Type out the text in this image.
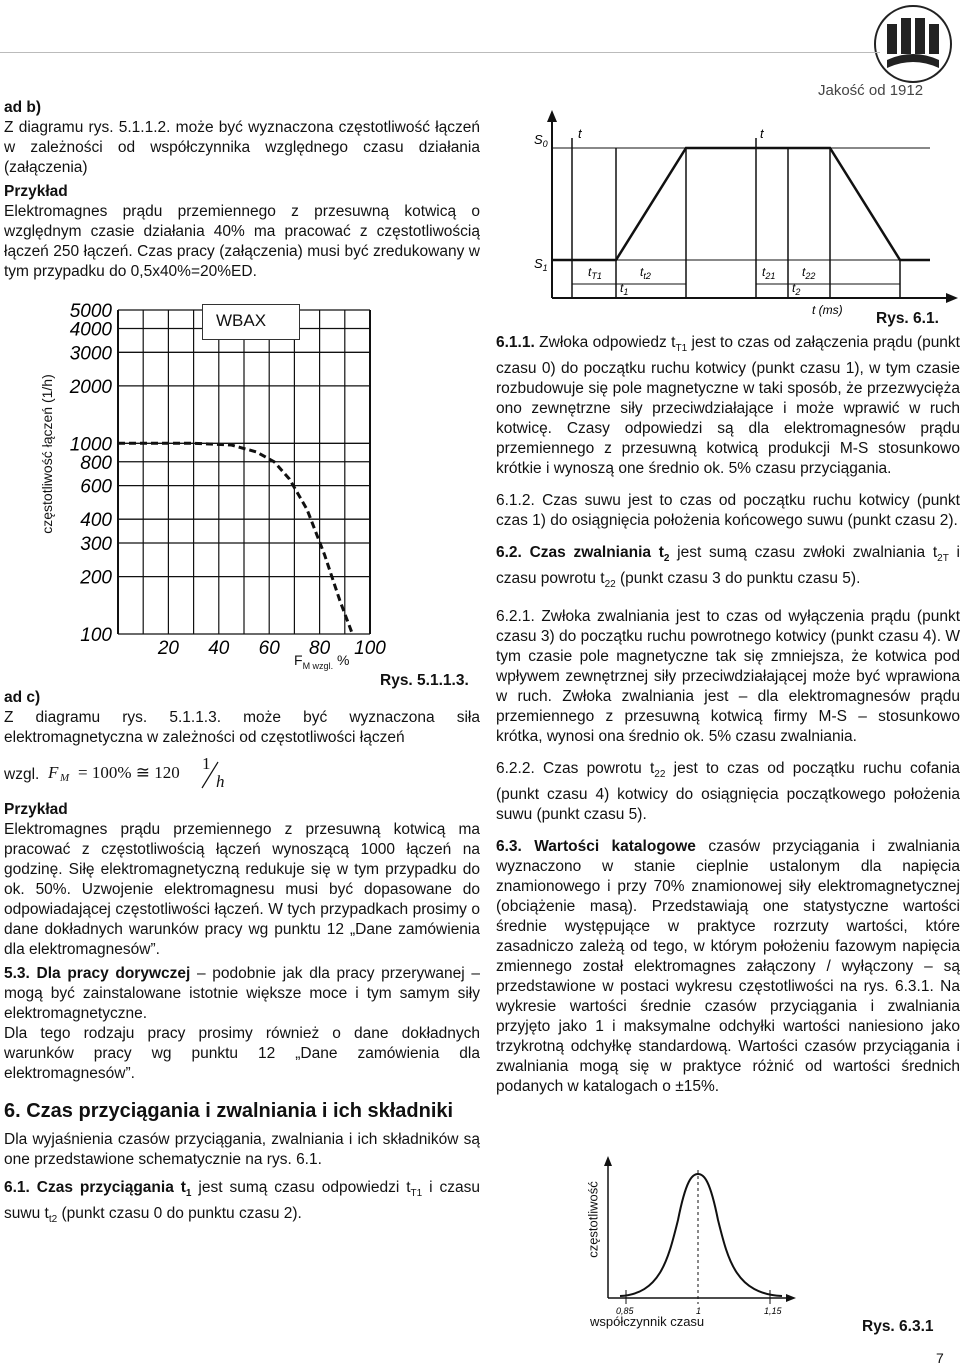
Jakość od 1912

ad b)

Z diagramu rys. 5.1.1.2. może być wyznaczona częstotliwość łączeń w zależności od współczynnika względnego czasu działania (załączenia)

Przykład

Elektromagnes prądu przemiennego z przesuwną kotwicą o względnym czasie działania 40% ma pracować z częstotliwością łączeń 250 łączeń. Czas pracy (załączenia) musi być zredukowany w tym przypadku do 0,5x40%=20%ED.

100
200
300
400
600
800
1000
2000
3000
4000
5000
20 40 60 80 100
WBAX
częstotliwość łączeń (1/h)
$F_{M wzgl.}$ %
Rys. 5.1.1.3.

ad c)

Z diagramu rys. 5.1.1.3. może być wyznaczona siła elektromagnetyczna w zależności od częstotliwości łączeń

wzgl. F M = 100% ≅ 120 1
h

Przykład

Elektromagnes prądu przemiennego z przesuwną kotwicą ma pracować z częstotliwością łączeń wynoszącą 1000 łączeń na godzinę. Siłę elektromagnetyczną redukuje się w tym przypadku do ok. 50%. Uzwojenie elektromagnesu musi być dopasowane do odpowiadającej częstotliwości łączeń. W tych przypadkach prosimy o dane dokładnych warunków pracy wg punktu 12 „Dane zamówienia dla elektromagnesów”.

5.3. Dla pracy dorywczej – podobnie jak dla pracy przerywanej – mogą być zainstalowane istotnie większe moce i tym samym siły elektromagnetyczne.

Dla tego rodzaju pracy prosimy również o dane dokładnych warunków pracy wg punktu 12 „Dane zamówienia dla elektromagnesów”.

6. Czas przyciągania i zwalniania i ich składniki

Dla wyjaśnienia czasów przyciągania, zwalniania i ich składników są one przedstawione schematycznie na rys. 6.1.

6.1. Czas przyciągania $t_1$ jest sumą czasu odpowiedzi $t_{T1}$ i czasu suwu $t_{t2}$ (punkt czasu 0 do punktu czasu 2).

$S_0$
$S_1$
t	t
$t_{T1}$	$t_{t2}$	$t_{21}$ $t_{22}$
$t_1$	$t_2$
t (ms) Rys. 6.1.

6.1.1. Zwłoka odpowiedz $t_{T1}$ jest to czas od załączenia prądu (punkt czasu 0) do początku ruchu kotwicy (punkt czasu 1), w tym czasie rozbudowuje się pole magnetyczne w taki sposób, że przezwycięża ono zewnętrzne siły przeciwdziałające i może wprawić w ruch kotwicę. Czasy odpowiedzi są dla elektromagnesów prądu przemiennego z przesuwną kotwicą produkcji M-S stosunkowo krótkie i wynoszą one średnio ok. 5% czasu przyciągania.

6.1.2. Czas suwu jest to czas od początku ruchu kotwicy (punkt czas 1) do osiągnięcia położenia końcowego suwu (punkt czasu 2).

6.2. Czas zwalniania $t_2$ jest sumą czasu zwłoki zwalniania $t_{2T}$ i czasu powrotu $t_{22}$ (punkt czasu 3 do punktu czasu 5).

6.2.1. Zwłoka zwalniania jest to czas od wyłączenia prądu (punkt czasu 3) do początku ruchu powrotnego kotwicy (punkt czasu 4). W tym czasie pole magnetyczne tak się zmniejsza, że kotwica pod wpływem zewnętrznej siły przeciwdziałającej może być wprawiona w ruch. Zwłoka zwalniania jest – dla elektromagnesów prądu przemiennego z przesuwną kotwicą firmy M-S – stosunkowo krótka, wynosi ona średnio ok. 5% czasu zwalniania.

6.2.2. Czas powrotu $t_{22}$ jest to czas od początku ruchu cofania (punkt czasu 4) kotwicy do osiągnięcia początkowego położenia suwu (punkt czasu 5).

6.3. Wartości katalogowe czasów przyciągania i zwalniania wyznaczono w stanie cieplnie ustalonym dla napięcia znamionowego i przy 70% znamionowej siły elektromagnetycznej (obciążenie masą). Przedstawiają one statystyczne wartości średnie występujące w praktyce rozrzuty wartości, które zasadniczo zależą od tego, w którym położeniu fazowym napięcia zmiennego został elektromagnes załączony / wyłączony – są przedstawione w postaci wykresu częstotliwości na rys. 6.3.1. Na wykresie wartości średnie czasów przyciągania i zwalniania przyjęto jako 1 i maksymalne odchyłki wartości naniesiono jako trzykrotną odchyłkę standardową. Wartości czasów przyciągania i zwalniania mogą się w praktyce różnić od wartości średnich podanych w katalogach o ±15%.

0,85	1	1,15
częstotliwość
współczynnik czasu	Rys. 6.3.1
7
